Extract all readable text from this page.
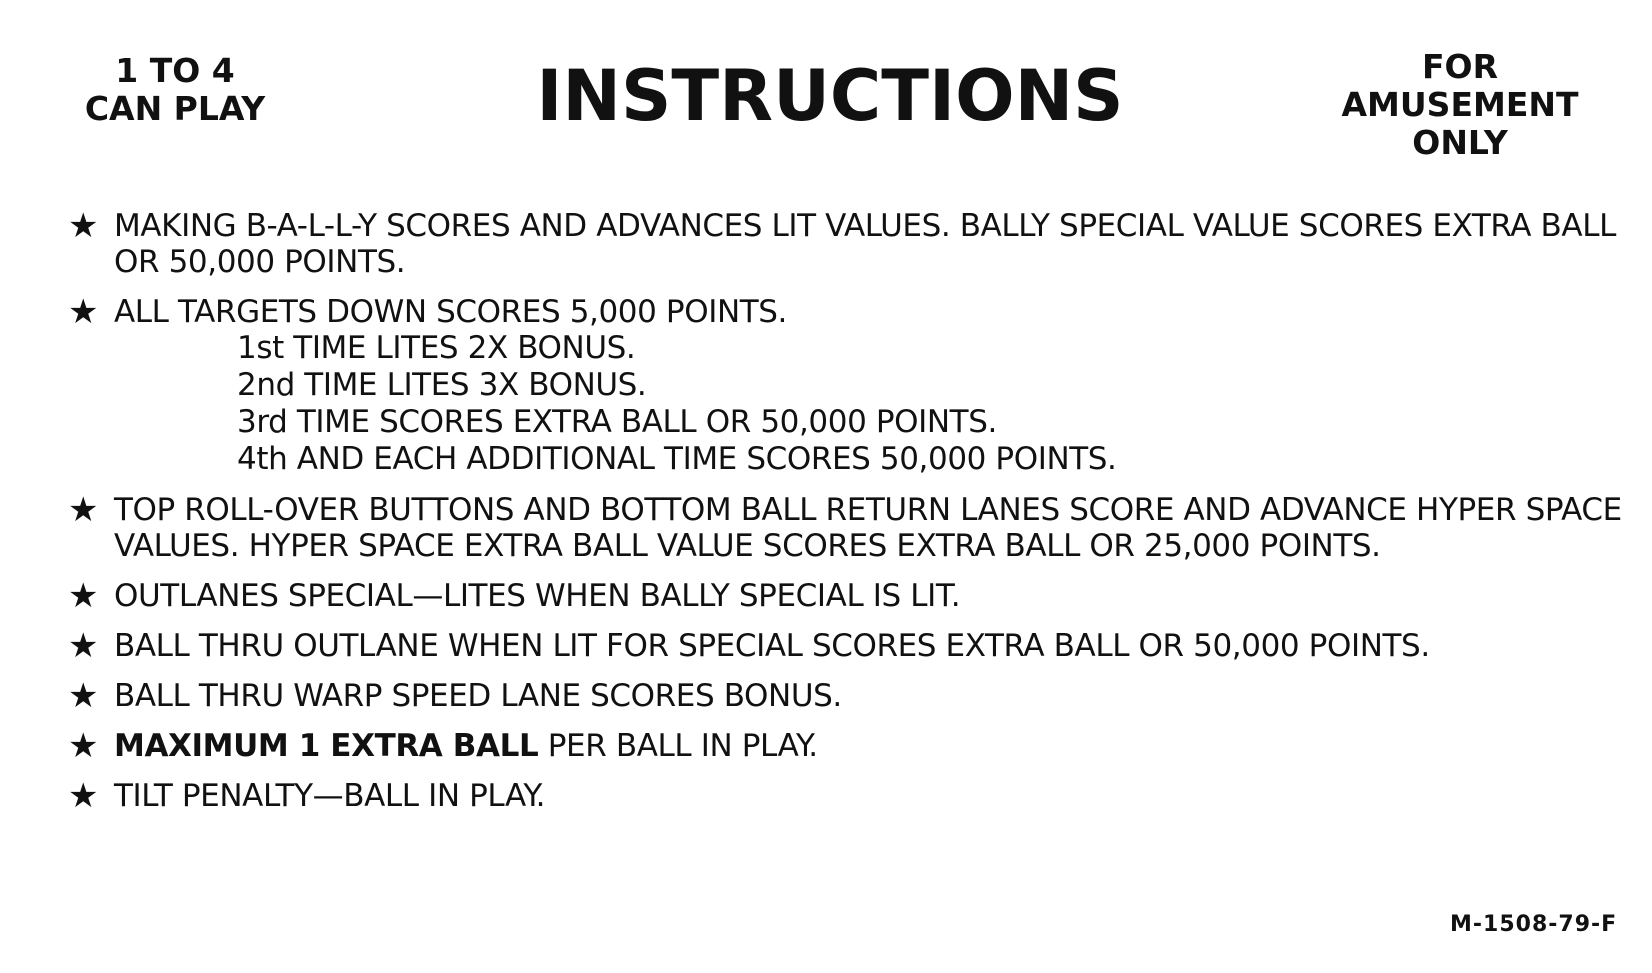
1 TO 4
CAN PLAY	INSTRUCTIONS	FOR
AMUSEMENT
ONLY
★ MAKING B-A-L-L-Y SCORES AND ADVANCES LIT VALUES. BALLY SPECIAL VALUE SCORES EXTRA BALL OR 50,000 POINTS.
★ ALL TARGETS DOWN SCORES 5,000 POINTS.
1st TIME LITES 2X BONUS.
2nd TIME LITES 3X BONUS.
3rd TIME SCORES EXTRA BALL OR 50,000 POINTS.
4th AND EACH ADDITIONAL TIME SCORES 50,000 POINTS.
★ TOP ROLL-OVER BUTTONS AND BOTTOM BALL RETURN LANES SCORE AND ADVANCE HYPER SPACE VALUES. HYPER SPACE EXTRA BALL VALUE SCORES EXTRA BALL OR 25,000 POINTS.
★ OUTLANES SPECIAL—LITES WHEN BALLY SPECIAL IS LIT.
★ BALL THRU OUTLANE WHEN LIT FOR SPECIAL SCORES EXTRA BALL OR 50,000 POINTS.
★ BALL THRU WARP SPEED LANE SCORES BONUS.
★ MAXIMUM 1 EXTRA BALL PER BALL IN PLAY.
★ TILT PENALTY—BALL IN PLAY.
M-1508-79-F
